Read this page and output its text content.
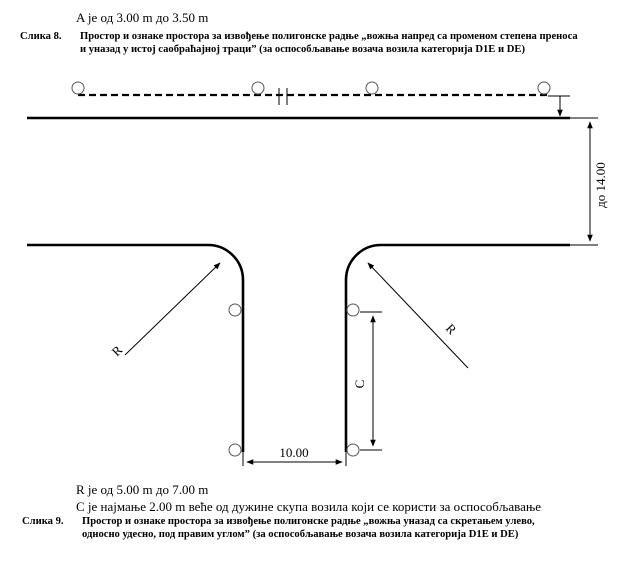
A је од 3.00 m до 3.50 m
Слика 8. Простор и ознаке простора за извођење полигонске радње „вожња напред са променом степена преноса
и уназад у истој саобраћајној траци” (за оспособљавање возача возила категорија D1E и DE)
до 14.00
R
R
C
10.00
R је од 5.00 m до 7.00 m
C је најмање 2.00 m веће од дужине скупа возила који се користи за оспособљавање
Слика 9. Простор и ознаке простора за извођење полигонске радње „вожња уназад са скретањем улево,
односно удесно, под правим углом” (за оспособљавање возача возила категорија D1E и DE)
